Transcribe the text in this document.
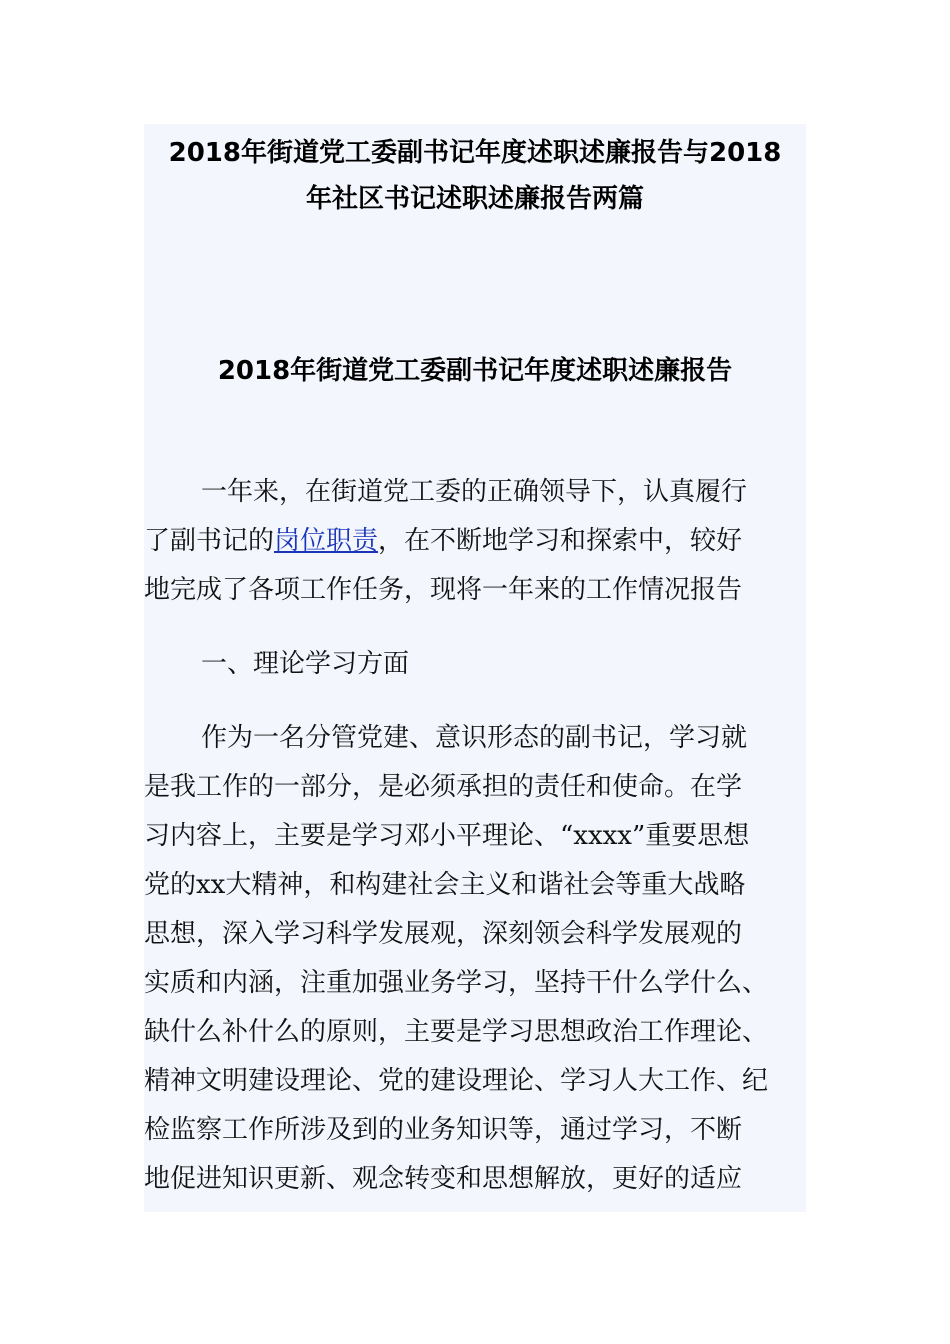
2018年街道党工委副书记年度述职述廉报告与2018
年社区书记述职述廉报告两篇
2018年街道党工委副书记年度述职述廉报告
一年来，在街道党工委的正确领导下，认真履行
了副书记的岗位职责，在不断地学习和探索中，较好
地完成了各项工作任务，现将一年来的工作情况报告
一、理论学习方面
作为一名分管党建、意识形态的副书记，学习就
是我工作的一部分，是必须承担的责任和使命。在学
习内容上，主要是学习邓小平理论、“xxxx”重要思想
党的xx大精神，和构建社会主义和谐社会等重大战略
思想，深入学习科学发展观，深刻领会科学发展观的
实质和内涵，注重加强业务学习，坚持干什么学什么、
缺什么补什么的原则，主要是学习思想政治工作理论、
精神文明建设理论、党的建设理论、学习人大工作、纪
检监察工作所涉及到的业务知识等，通过学习，不断
地促进知识更新、观念转变和思想解放，更好的适应
